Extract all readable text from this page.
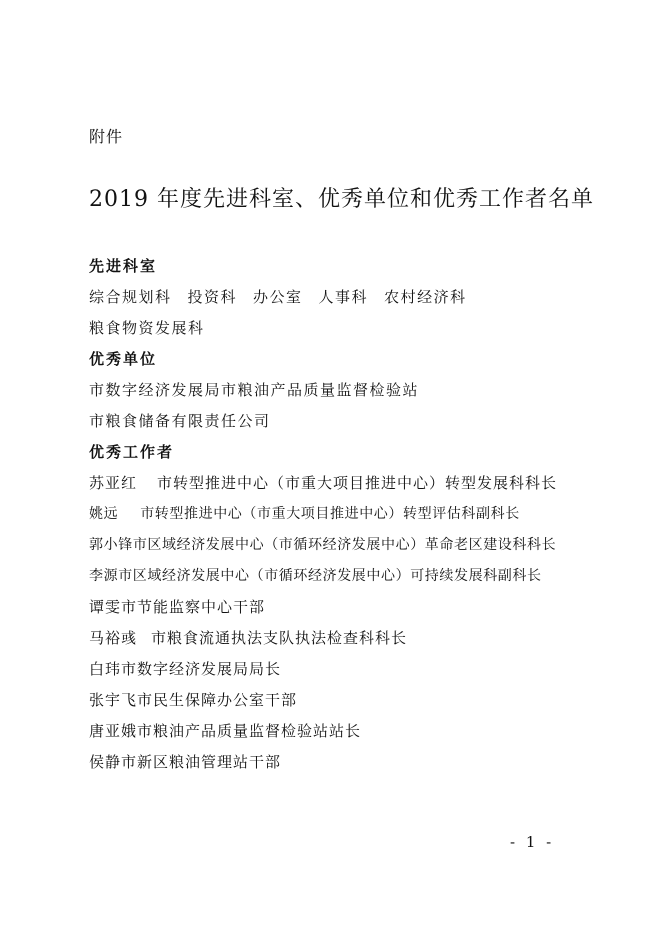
附件
2019 年度先进科室、优秀单位和优秀工作者名单
先进科室
综合规划科 投资科 办公室 人事科 农村经济科
粮食物资发展科
优秀单位
市数字经济发展局市粮油产品质量监督检验站
市粮食储备有限责任公司
优秀工作者
苏亚红 市转型推进中心（市重大项目推进中心）转型发展科科长
姚远 市转型推进中心（市重大项目推进中心）转型评估科副科长
郭小锋市区域经济发展中心（市循环经济发展中心）革命老区建设科科长
李源市区域经济发展中心（市循环经济发展中心）可持续发展科副科长
谭雯市节能监察中心干部
马裕彧 市粮食流通执法支队执法检查科科长
白玮市数字经济发展局局长
张宇飞市民生保障办公室干部
唐亚娥市粮油产品质量监督检验站站长
侯静市新区粮油管理站干部
- 1 -
